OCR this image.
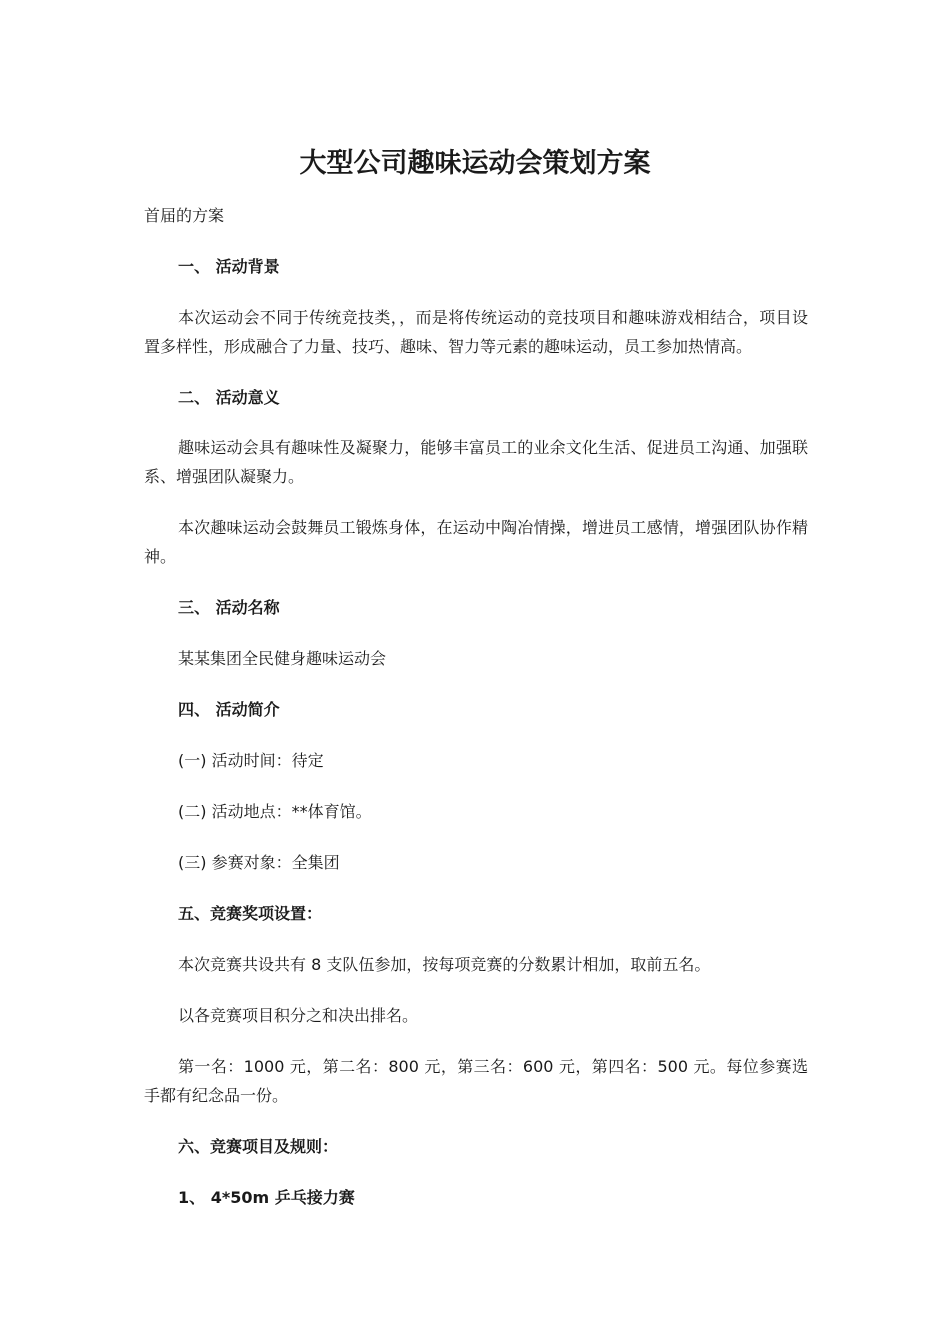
大型公司趣味运动会策划方案

首届的方案

一、 活动背景

本次运动会不同于传统竞技类，，而是将传统运动的竞技项目和趣味游戏相结合，项目设置多样性，形成融合了力量、技巧、趣味、智力等元素的趣味运动，员工参加热情高。

二、 活动意义

趣味运动会具有趣味性及凝聚力，能够丰富员工的业余文化生活、促进员工沟通、加强联系、增强团队凝聚力。

本次趣味运动会鼓舞员工锻炼身体，在运动中陶冶情操，增进员工感情，增强团队协作精神。

三、 活动名称

某某集团全民健身趣味运动会

四、 活动简介

(一) 活动时间：待定

(二) 活动地点：**体育馆。

(三) 参赛对象：全集团

五、竞赛奖项设置：

本次竞赛共设共有 8 支队伍参加，按每项竞赛的分数累计相加，取前五名。

以各竞赛项目积分之和决出排名。

第一名：1000 元，第二名：800 元，第三名：600 元，第四名：500 元。每位参赛选手都有纪念品一份。

六、竞赛项目及规则：

1、 4*50m 乒乓接力赛
